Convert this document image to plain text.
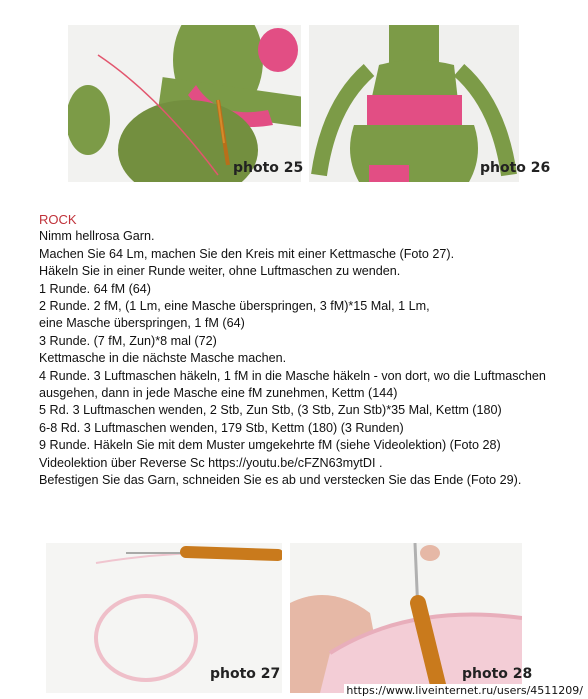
photo 25	photo 26
ROCK
Nimm hellrosa Garn.
Machen Sie 64 Lm, machen Sie den Kreis mit einer Kettmasche (Foto 27).
Häkeln Sie in einer Runde weiter, ohne Luftmaschen zu wenden.
1 Runde. 64 fM (64)
2 Runde. 2 fM, (1 Lm, eine Masche überspringen, 3 fM)*15 Mal, 1 Lm,
eine Masche überspringen, 1 fM (64)
3 Runde. (7 fM, Zun)*8 mal (72)
Kettmasche in die nächste Masche machen.
4 Runde. 3 Luftmaschen häkeln, 1 fM in die Masche häkeln - von dort, wo die Luftmaschen
ausgehen, dann in jede Masche eine fM zunehmen, Kettm (144)
5 Rd. 3 Luftmaschen wenden, 2 Stb, Zun Stb, (3 Stb, Zun Stb)*35 Mal, Kettm (180)
6-8 Rd. 3 Luftmaschen wenden, 179 Stb, Kettm (180) (3 Runden)
9 Runde. Häkeln Sie mit dem Muster umgekehrte fM (siehe Videolektion) (Foto 28)
Videolektion über Reverse Sc https://youtu.be/cFZN63mytDI .
Befestigen Sie das Garn, schneiden Sie es ab und verstecken Sie das Ende (Foto 29).
photo 27	photo 28
https://www.liveinternet.ru/users/4511209/
